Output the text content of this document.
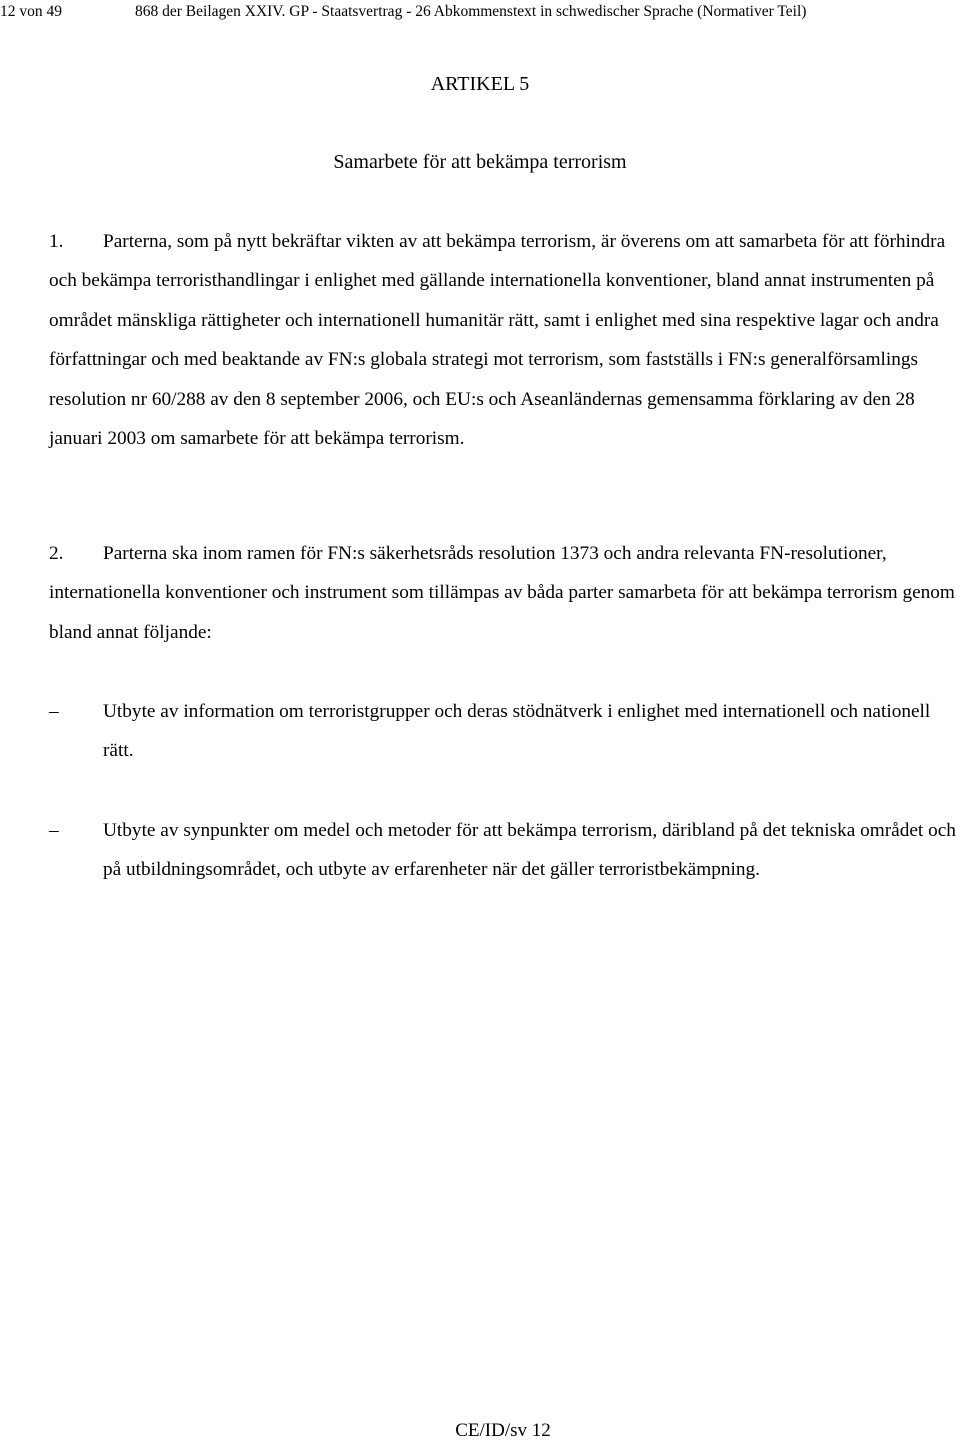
12 von 49	868 der Beilagen XXIV. GP - Staatsvertrag - 26 Abkommenstext in schwedischer Sprache (Normativer Teil)
ARTIKEL 5
Samarbete för att bekämpa terrorism
1. Parterna, som på nytt bekräftar vikten av att bekämpa terrorism, är överens om att samarbeta för att förhindra och bekämpa terroristhandlingar i enlighet med gällande internationella konventioner, bland annat instrumenten på området mänskliga rättigheter och internationell humanitär rätt, samt i enlighet med sina respektive lagar och andra författningar och med beaktande av FN:s globala strategi mot terrorism, som fastställs i FN:s generalförsamlings resolution nr 60/288 av den 8 september 2006, och EU:s och Aseanländernas gemensamma förklaring av den 28 januari 2003 om samarbete för att bekämpa terrorism.
2. Parterna ska inom ramen för FN:s säkerhetsråds resolution 1373 och andra relevanta FN-resolutioner, internationella konventioner och instrument som tillämpas av båda parter samarbeta för att bekämpa terrorism genom bland annat följande:
–	Utbyte av information om terroristgrupper och deras stödnätverk i enlighet med internationell och nationell rätt.
–	Utbyte av synpunkter om medel och metoder för att bekämpa terrorism, däribland på det tekniska området och på utbildningsområdet, och utbyte av erfarenheter när det gäller terroristbekämpning.
CE/ID/sv 12
